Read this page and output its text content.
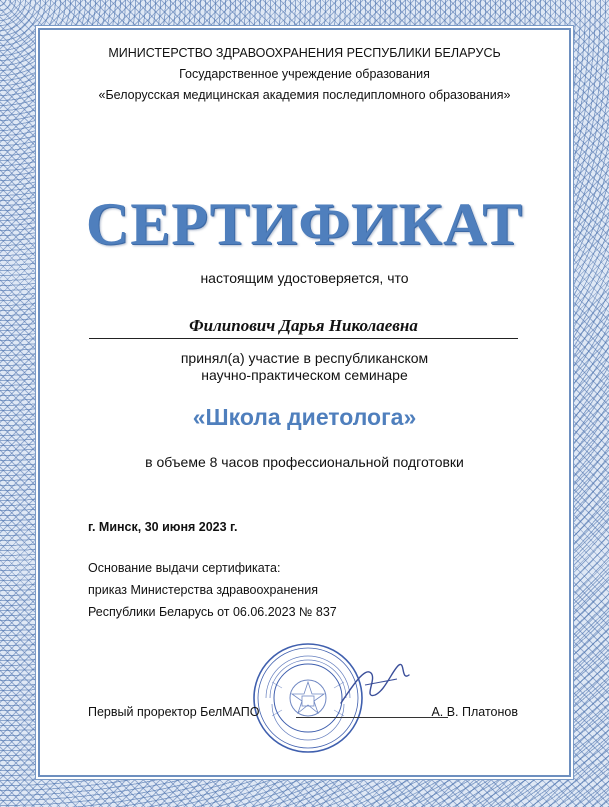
МИНИСТЕРСТВО ЗДРАВООХРАНЕНИЯ РЕСПУБЛИКИ БЕЛАРУСЬ
Государственное учреждение образования
«Белорусская медицинская академия последипломного образования»
СЕРТИФИКАТ
настоящим удостоверяется, что
Филипович Дарья Николаевна
принял(а) участие в республиканском
научно-практическом семинаре
«Школа диетолога»
в объеме 8 часов профессиональной подготовки
г. Минск, 30 июня 2023 г.
Основание выдачи сертификата:
приказ Министерства здравоохранения
Республики Беларусь от 06.06.2023 № 837
Первый проректор БелМАПО	А. В. Платонов
